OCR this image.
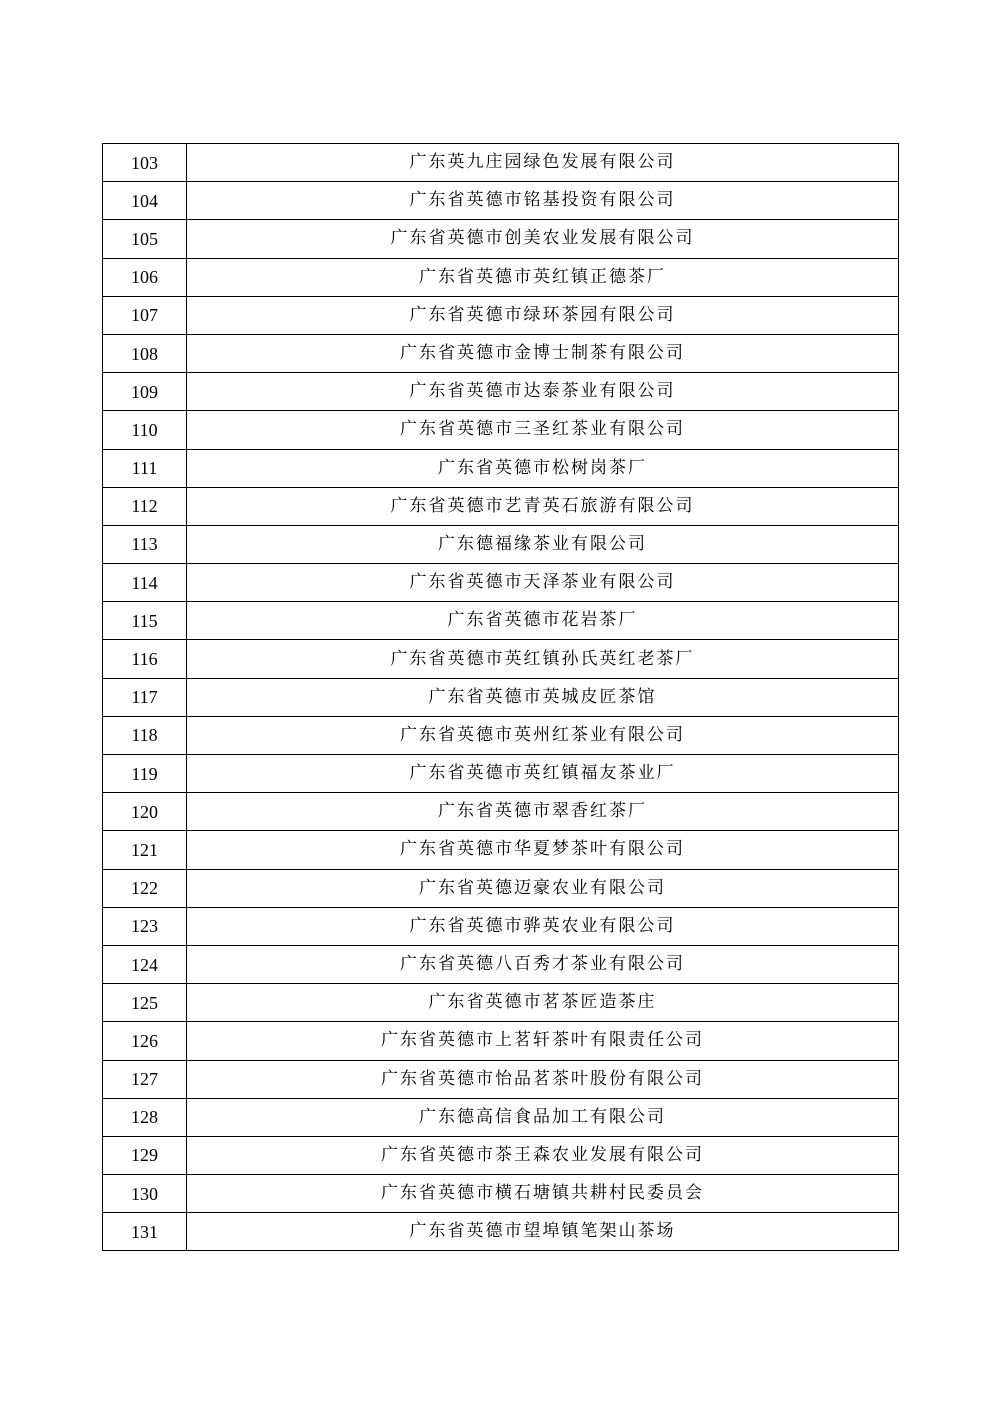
103	广东英九庄园绿色发展有限公司
104	广东省英德市铭基投资有限公司
105	广东省英德市创美农业发展有限公司
106	广东省英德市英红镇正德茶厂
107	广东省英德市绿环茶园有限公司
108	广东省英德市金博士制茶有限公司
109	广东省英德市达泰茶业有限公司
110	广东省英德市三圣红茶业有限公司
111	广东省英德市松树岗茶厂
112	广东省英德市艺青英石旅游有限公司
113	广东德福缘茶业有限公司
114	广东省英德市天泽茶业有限公司
115	广东省英德市花岩茶厂
116	广东省英德市英红镇孙氏英红老茶厂
117	广东省英德市英城皮匠茶馆
118	广东省英德市英州红茶业有限公司
119	广东省英德市英红镇福友茶业厂
120	广东省英德市翠香红茶厂
121	广东省英德市华夏梦茶叶有限公司
122	广东省英德迈豪农业有限公司
123	广东省英德市骅英农业有限公司
124	广东省英德八百秀才茶业有限公司
125	广东省英德市茗茶匠造茶庄
126	广东省英德市上茗轩茶叶有限责任公司
127	广东省英德市怡品茗茶叶股份有限公司
128	广东德高信食品加工有限公司
129	广东省英德市茶王森农业发展有限公司
130	广东省英德市横石塘镇共耕村民委员会
131	广东省英德市望埠镇笔架山茶场
